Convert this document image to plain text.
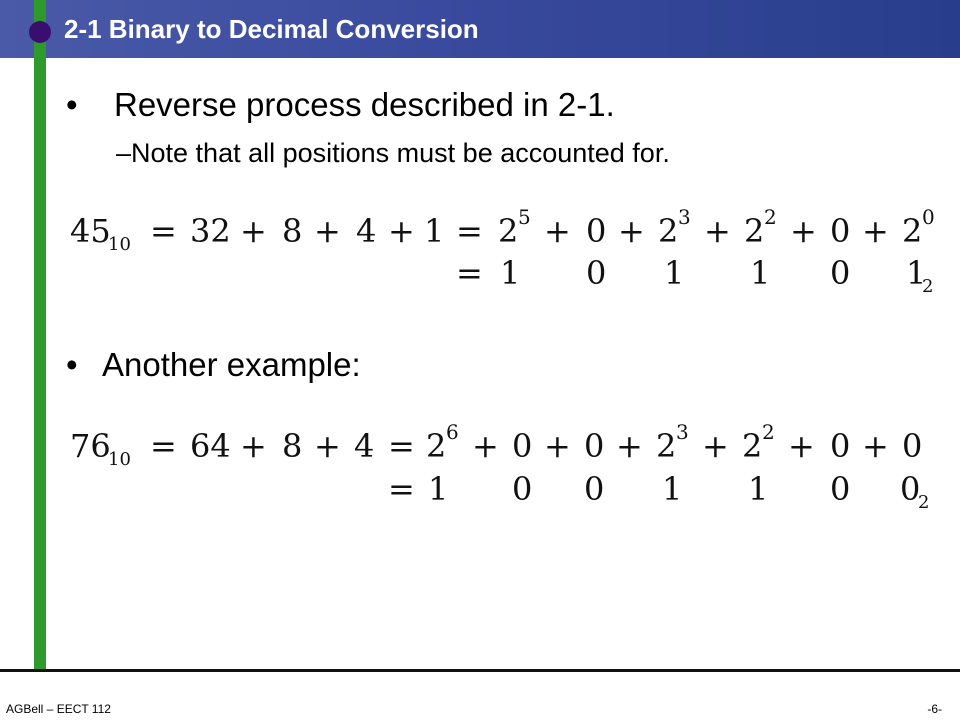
2-1 Binary to Decimal Conversion
• Reverse process described in 2-1.
–Note that all positions must be accounted for.
• Another example:
45
10 = 32 + 8 + 4 + 1 = 2 5 + 0 + 2 3 + 2 2 + 0 + 2 0
= 1 0 1 1 0 1
2
76
10 = 64 + 8 + 4 = 2 6 + 0 + 0 + 2 3 + 2 2 + 0 + 0
= 1 0 0 1 1 0 0
2
AGBell – EECT 112	-6-
